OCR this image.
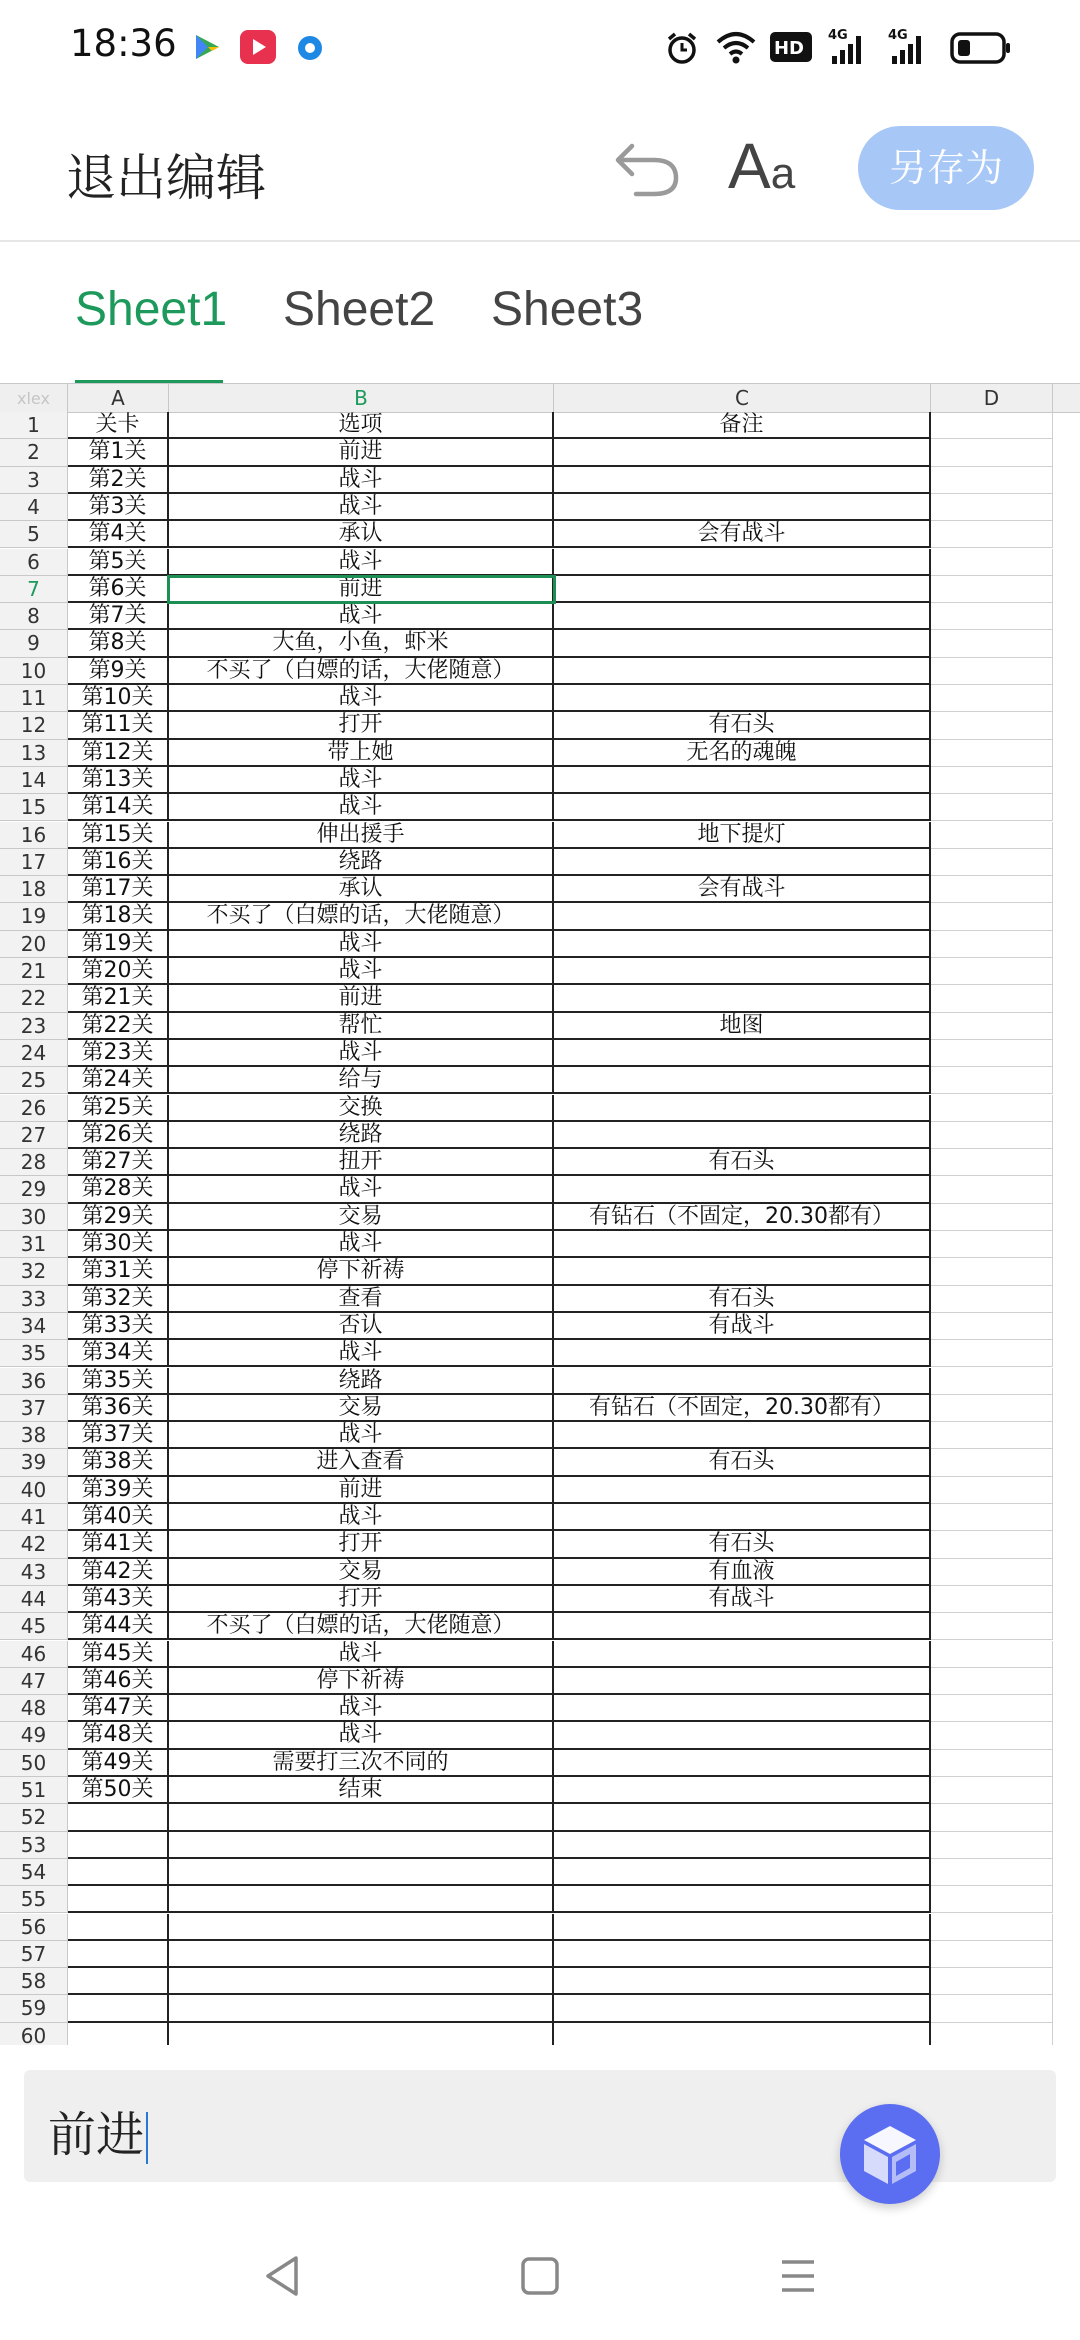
18:36	HD
4G	4G
退出编辑	Aa	另存为
Sheet1 Sheet2 Sheet3
xlex	A	B	C	D
1	关卡	选项	备注
2	第1关	前进
3	第2关	战斗
4	第3关	战斗
5	第4关	承认	会有战斗
6	第5关	战斗
7	第6关	前进
8	第7关	战斗
9	第8关	大鱼，小鱼，虾米
10	第9关	不买了（白嫖的话，大佬随意）
11	第10关	战斗
12	第11关	打开	有石头
13	第12关	带上她	无名的魂魄
14	第13关	战斗
15	第14关	战斗
16	第15关	伸出援手	地下提灯
17	第16关	绕路
18	第17关	承认	会有战斗
19	第18关	不买了（白嫖的话，大佬随意）
20	第19关	战斗
21	第20关	战斗
22	第21关	前进
23	第22关	帮忙	地图
24	第23关	战斗
25	第24关	给与
26	第25关	交换
27	第26关	绕路
28	第27关	扭开	有石头
29	第28关	战斗
30	第29关	交易	有钻石（不固定，20.30都有）
31	第30关	战斗
32	第31关	停下祈祷
33	第32关	查看	有石头
34	第33关	否认	有战斗
35	第34关	战斗
36	第35关	绕路
37	第36关	交易	有钻石（不固定，20.30都有）
38	第37关	战斗
39	第38关	进入查看	有石头
40	第39关	前进
41	第40关	战斗
42	第41关	打开	有石头
43	第42关	交易	有血液
44	第43关	打开	有战斗
45	第44关	不买了（白嫖的话，大佬随意）
46	第45关	战斗
47	第46关	停下祈祷
48	第47关	战斗
49	第48关	战斗
50	第49关	需要打三次不同的
51	第50关	结束
52
53
54
55
56
57
58
59
60
前进
